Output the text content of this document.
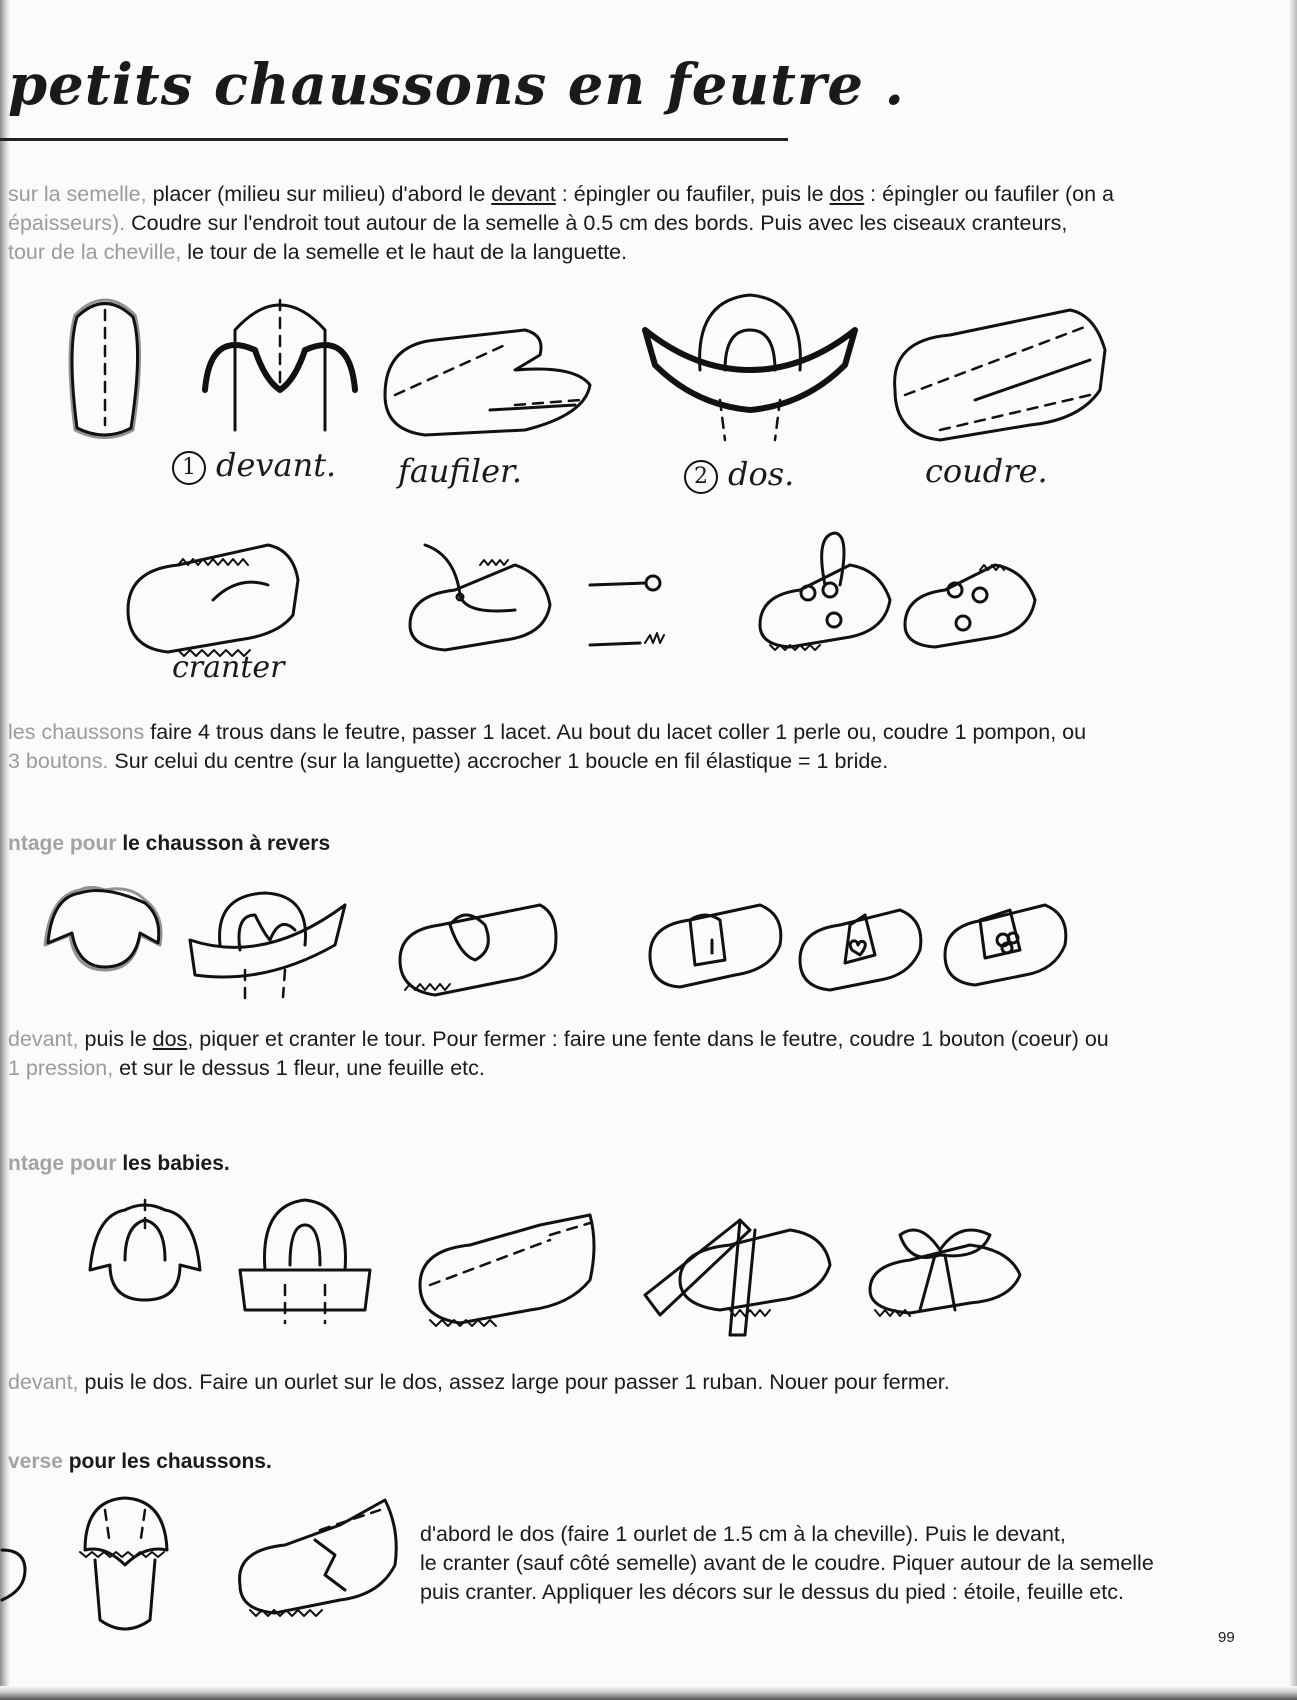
petits chaussons en feutre .

sur la semelle, placer (milieu sur milieu) d'abord le devant : épingler ou faufiler, puis le dos : épingler ou faufiler (on a
épaisseurs). Coudre sur l'endroit tout autour de la semelle à 0.5 cm des bords. Puis avec les ciseaux cranteurs,
tour de la cheville, le tour de la semelle et le haut de la languette.

1 devant. faufiler.	2 dos.	coudre.
cranter

les chaussons faire 4 trous dans le feutre, passer 1 lacet. Au bout du lacet coller 1 perle ou, coudre 1 pompon, ou
3 boutons. Sur celui du centre (sur la languette) accrocher 1 boucle en fil élastique = 1 bride.

ntage pour le chausson à revers

devant, puis le dos, piquer et cranter le tour. Pour fermer : faire une fente dans le feutre, coudre 1 bouton (coeur) ou
1 pression, et sur le dessus 1 fleur, une feuille etc.

ntage pour les babies.

devant, puis le dos. Faire un ourlet sur le dos, assez large pour passer 1 ruban. Nouer pour fermer.

verse pour les chaussons.

d'abord le dos (faire 1 ourlet de 1.5 cm à la cheville). Puis le devant,
le cranter (sauf côté semelle) avant de le coudre. Piquer autour de la semelle
puis cranter. Appliquer les décors sur le dessus du pied : étoile, feuille etc.

99
